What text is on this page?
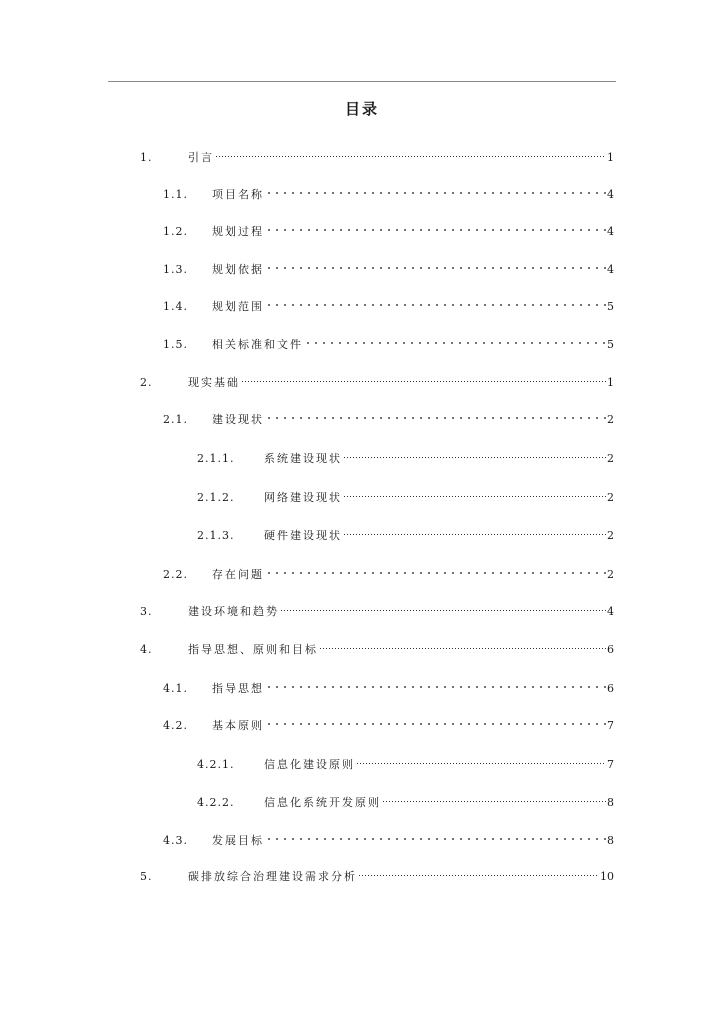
目录
1.	引言	1
1.1.	项目名称	4
1.2.	规划过程	4
1.3.	规划依据	4
1.4.	规划范围	5
1.5.	相关标准和文件	5
2.	现实基础	1
2.1.	建设现状	2
2.1.1.	系统建设现状	2
2.1.2.	网络建设现状	2
2.1.3.	硬件建设现状	2
2.2.	存在问题	2
3.	建设环境和趋势	4
4.	指导思想、原则和目标	6
4.1.	指导思想	6
4.2.	基本原则	7
4.2.1.	信息化建设原则	7
4.2.2.	信息化系统开发原则	8
4.3.	发展目标	8
5.	碳排放综合治理建设需求分析	10
